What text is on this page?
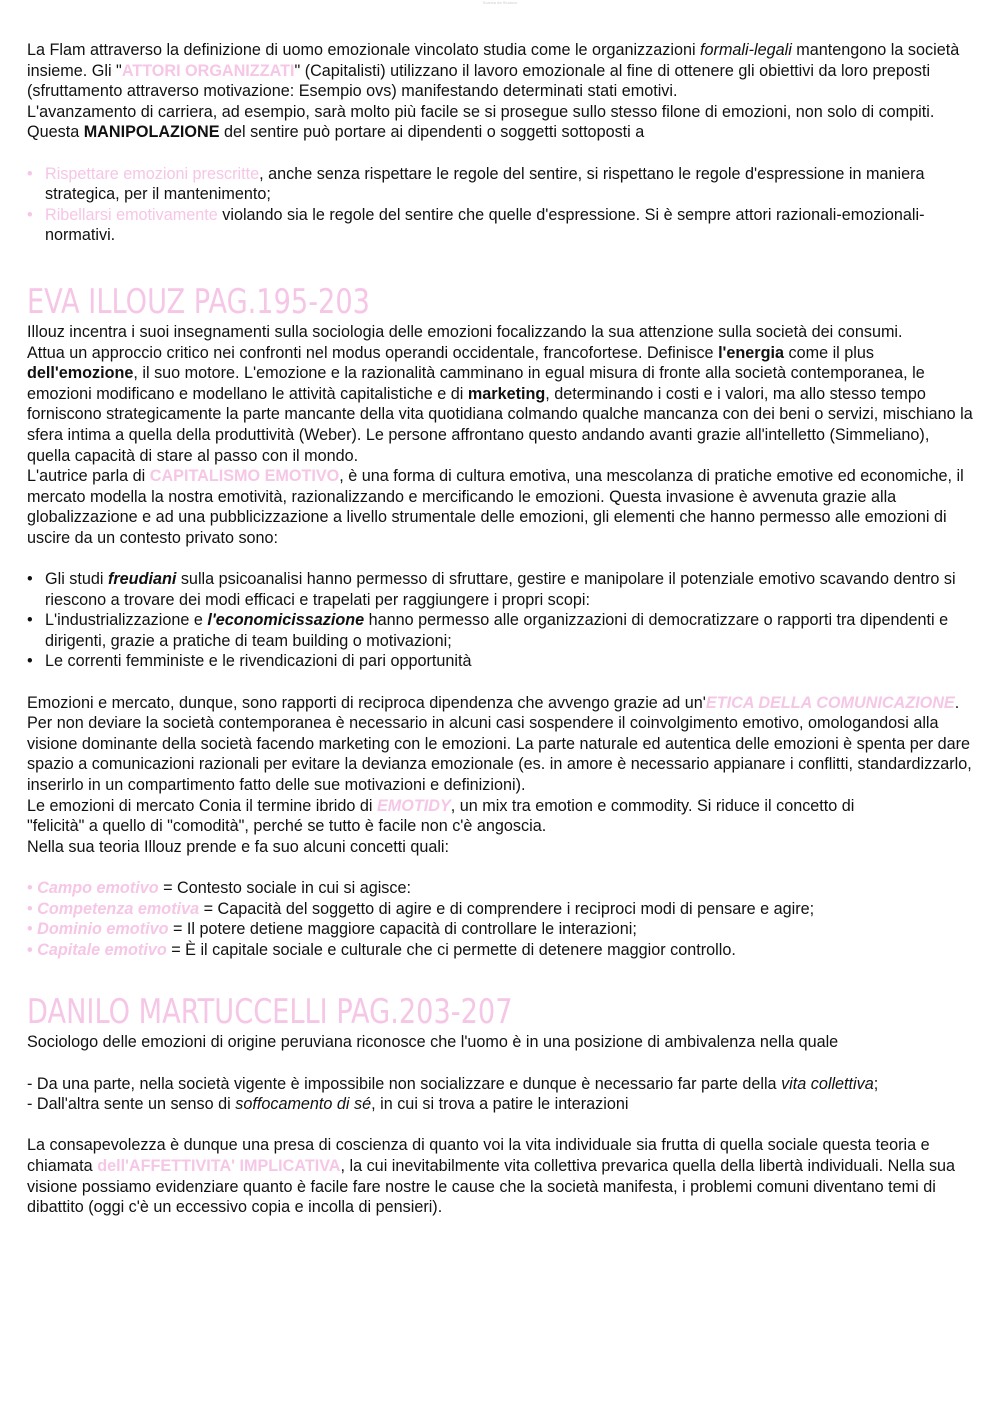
Scarica da Studocu

La Flam attraverso la definizione di uomo emozionale vincolato studia come le organizzazioni formali-legali mantengono la società insieme. Gli "ATTORI ORGANIZZATI" (Capitalisti) utilizzano il lavoro emozionale al fine di ottenere gli obiettivi da loro preposti (sfruttamento attraverso motivazione: Esempio ovs) manifestando determinati stati emotivi.

L'avanzamento di carriera, ad esempio, sarà molto più facile se si prosegue sullo stesso filone di emozioni, non solo di compiti. Questa MANIPOLAZIONE del sentire può portare ai dipendenti o soggetti sottoposti a

• Rispettare emozioni prescritte, anche senza rispettare le regole del sentire, si rispettano le regole d'espressione in maniera strategica, per il mantenimento;
• Ribellarsi emotivamente violando sia le regole del sentire che quelle d'espressione. Si è sempre attori razionali-emozionali-normativi.
EVA ILLOUZ PAG.195-203

Illouz incentra i suoi insegnamenti sulla sociologia delle emozioni focalizzando la sua attenzione sulla società dei consumi.

Attua un approccio critico nei confronti nel modus operandi occidentale, francofortese. Definisce l'energia come il plus dell'emozione, il suo motore. L'emozione e la razionalità camminano in egual misura di fronte alla società contemporanea, le emozioni modificano e modellano le attività capitalistiche e di marketing, determinando i costi e i valori, ma allo stesso tempo forniscono strategicamente la parte mancante della vita quotidiana colmando qualche mancanza con dei beni o servizi, mischiano la sfera intima a quella della produttività (Weber). Le persone affrontano questo andando avanti grazie all'intelletto (Simmeliano), quella capacità di stare al passo con il mondo.

L'autrice parla di CAPITALISMO EMOTIVO, è una forma di cultura emotiva, una mescolanza di pratiche emotive ed economiche, il mercato modella la nostra emotività, razionalizzando e mercificando le emozioni. Questa invasione è avvenuta grazie alla globalizzazione e ad una pubblicizzazione a livello strumentale delle emozioni, gli elementi che hanno permesso alle emozioni di uscire da un contesto privato sono:

• Gli studi freudiani sulla psicoanalisi hanno permesso di sfruttare, gestire e manipolare il potenziale emotivo scavando dentro si riescono a trovare dei modi efficaci e trapelati per raggiungere i propri scopi:
• L'industrializzazione e l'economicissazione hanno permesso alle organizzazioni di democratizzare o rapporti tra dipendenti e dirigenti, grazie a pratiche di team building o motivazioni;
• Le correnti femministe e le rivendicazioni di pari opportunità

Emozioni e mercato, dunque, sono rapporti di reciproca dipendenza che avvengo grazie ad un'ETICA DELLA COMUNICAZIONE. Per non deviare la società contemporanea è necessario in alcuni casi sospendere il coinvolgimento emotivo, omologandosi alla visione dominante della società facendo marketing con le emozioni. La parte naturale ed autentica delle emozioni è spenta per dare spazio a comunicazioni razionali per evitare la devianza emozionale (es. in amore è necessario appianare i conflitti, standardizzarlo, inserirlo in un compartimento fatto delle sue motivazioni e definizioni).

Le emozioni di mercato Conia il termine ibrido di EMOTIDY, un mix tra emotion e commodity. Si riduce il concetto di

"felicità" a quello di "comodità", perché se tutto è facile non c'è angoscia.

Nella sua teoria Illouz prende e fa suo alcuni concetti quali:

• Campo emotivo = Contesto sociale in cui si agisce:

• Competenza emotiva = Capacità del soggetto di agire e di comprendere i reciproci modi di pensare e agire;

• Dominio emotivo = Il potere detiene maggiore capacità di controllare le interazioni;

• Capitale emotivo = È il capitale sociale e culturale che ci permette di detenere maggior controllo.

DANILO MARTUCCELLI PAG.203-207

Sociologo delle emozioni di origine peruviana riconosce che l'uomo è in una posizione di ambivalenza nella quale

- Da una parte, nella società vigente è impossibile non socializzare e dunque è necessario far parte della vita collettiva;

- Dall'altra sente un senso di soffocamento di sé, in cui si trova a patire le interazioni

La consapevolezza è dunque una presa di coscienza di quanto voi la vita individuale sia frutta di quella sociale questa teoria e chiamata dell'AFFETTIVITA' IMPLICATIVA, la cui inevitabilmente vita collettiva prevarica quella della libertà individuali. Nella sua visione possiamo evidenziare quanto è facile fare nostre le cause che la società manifesta, i problemi comuni diventano temi di dibattito (oggi c'è un eccessivo copia e incolla di pensieri).
